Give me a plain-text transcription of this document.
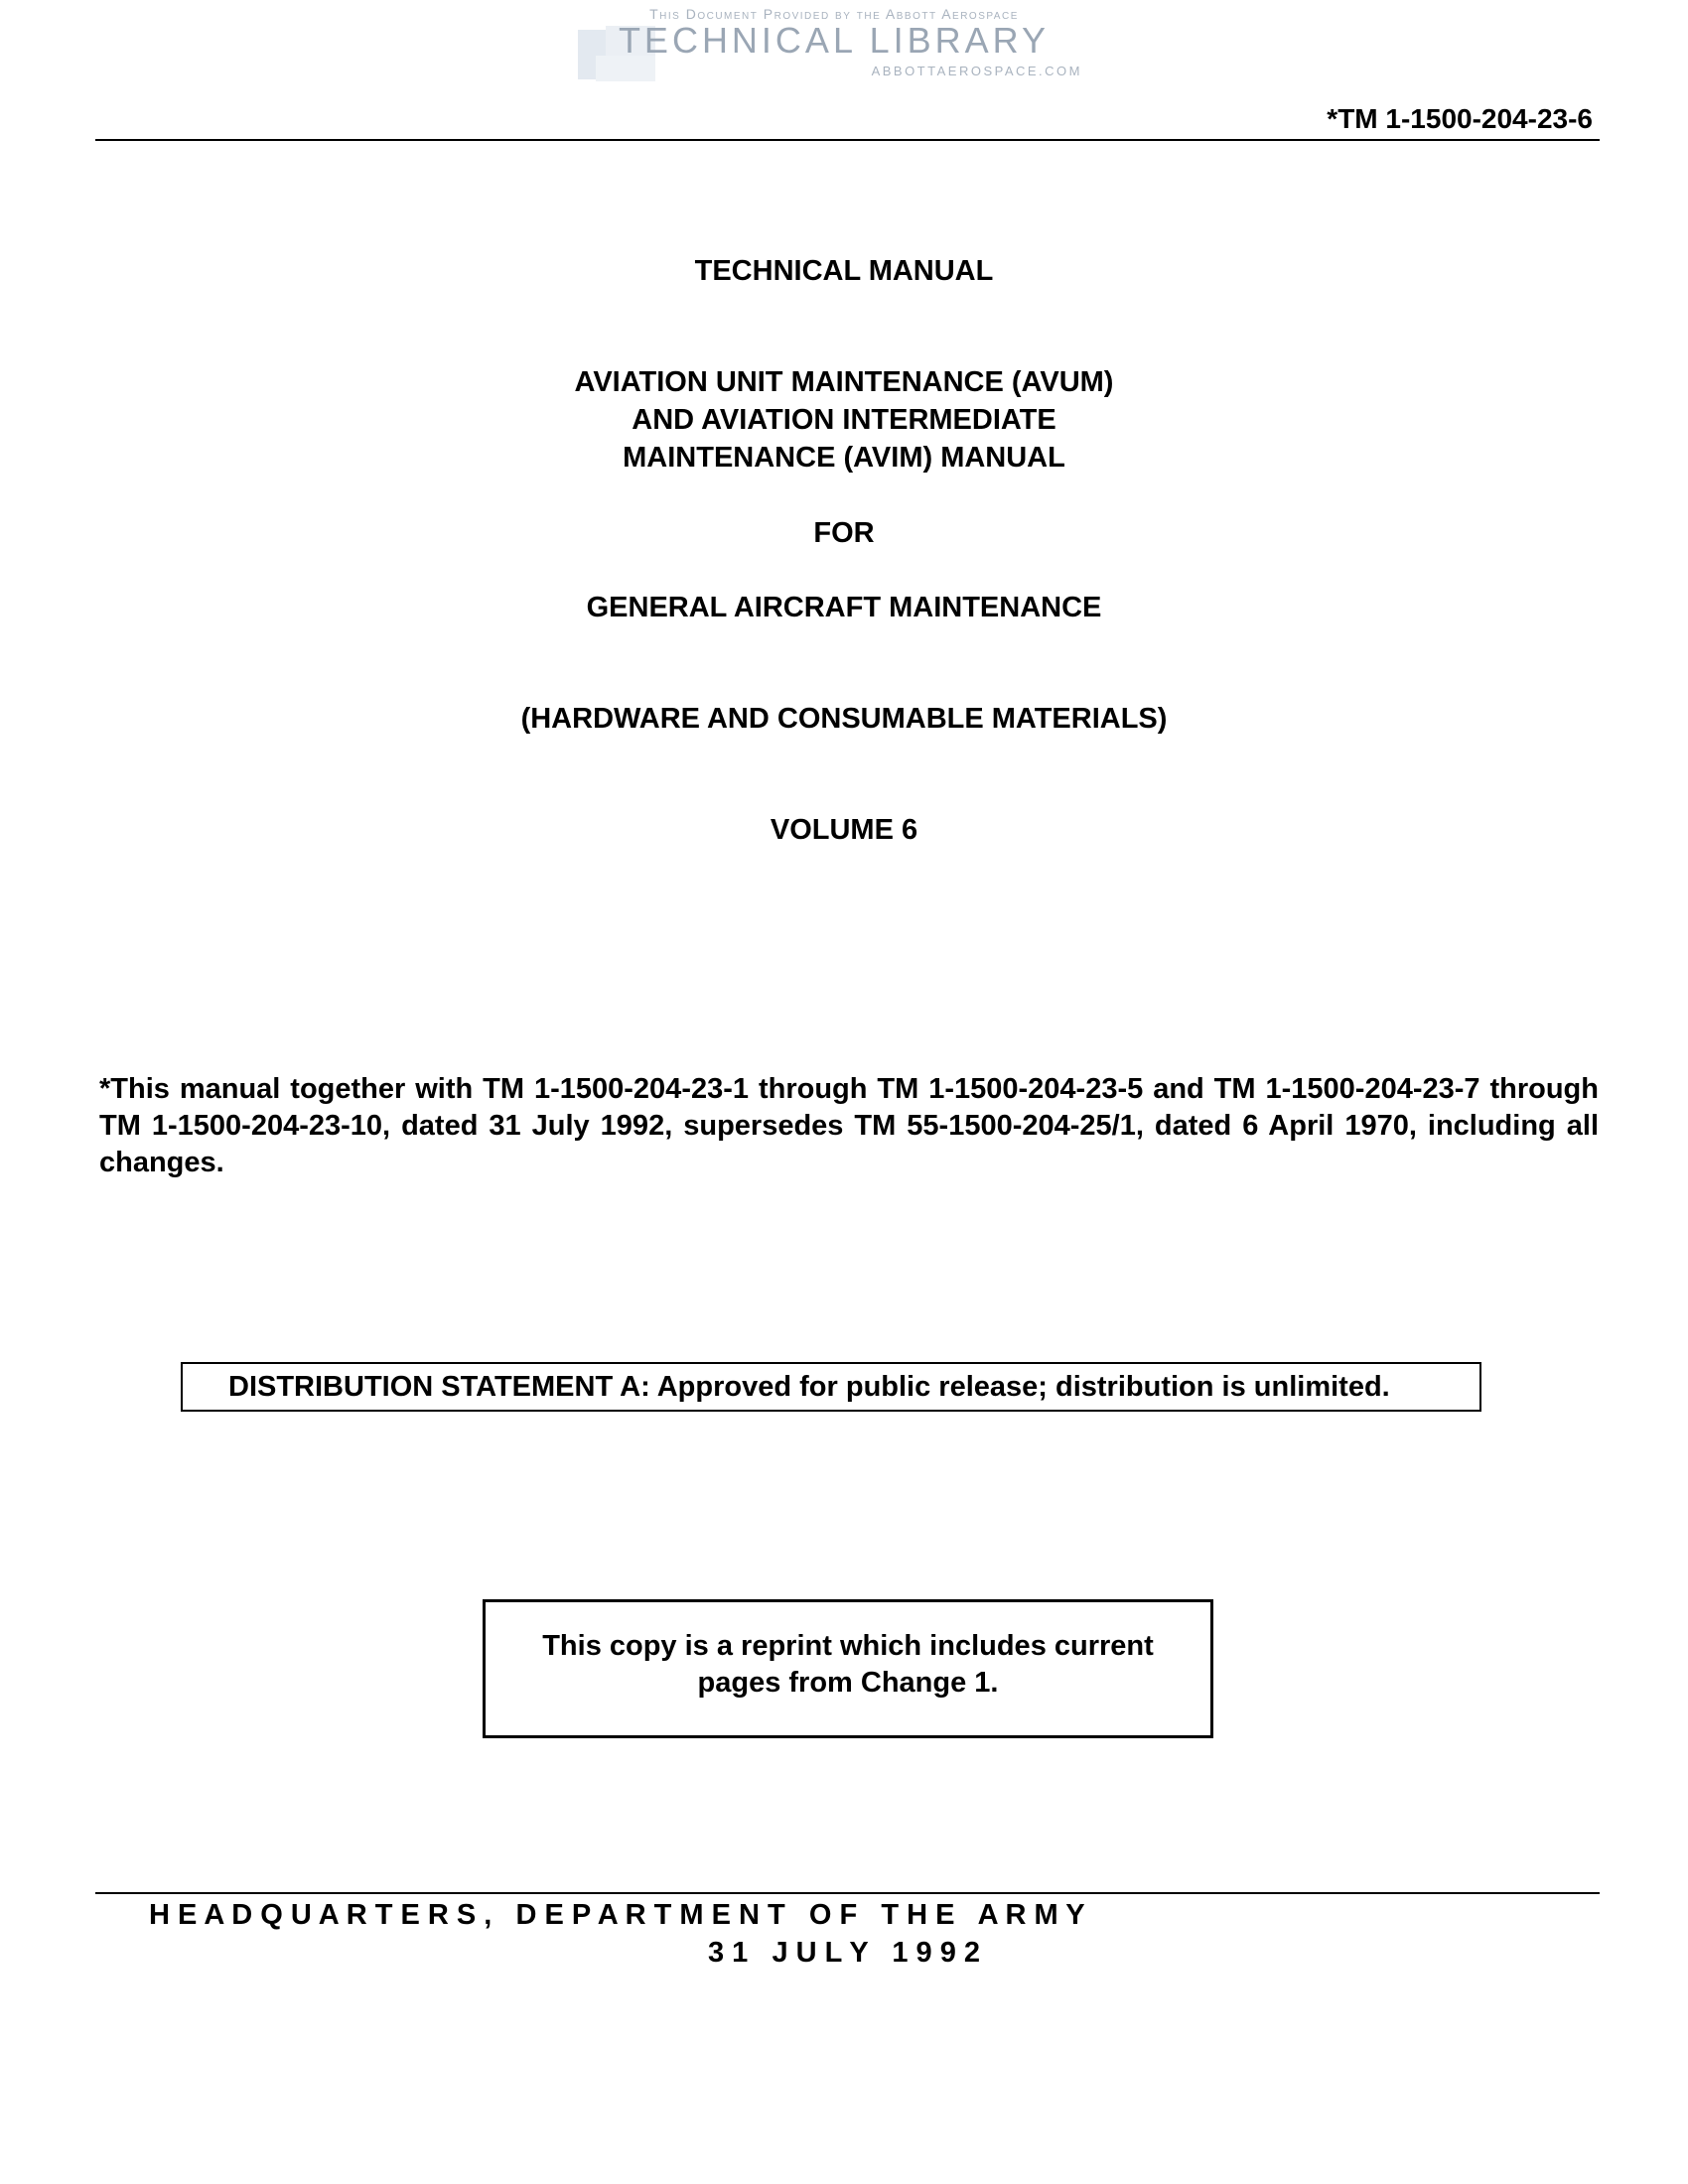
This Document Provided by the Abbott Aerospace
TECHNICAL LIBRARY
ABBOTTAEROSPACE.COM
*TM 1-1500-204-23-6
TECHNICAL MANUAL
AVIATION UNIT MAINTENANCE (AVUM)
AND AVIATION INTERMEDIATE
MAINTENANCE (AVIM) MANUAL
FOR
GENERAL AIRCRAFT MAINTENANCE
(HARDWARE AND CONSUMABLE MATERIALS)
VOLUME 6
*This manual together with TM 1-1500-204-23-1 through TM 1-1500-204-23-5 and TM 1-1500-204-23-7 through TM 1-1500-204-23-10, dated 31 July 1992, supersedes TM 55-1500-204-25/1, dated 6 April 1970, including all changes.
DISTRIBUTION STATEMENT A: Approved for public release; distribution is unlimited.
This copy is a reprint which includes current
pages from Change 1.
H E A D Q U A R T E R S ,   D E P A R T M E N T   O F   T H E   A R M Y
3 1   J U L Y   1 9 9 2
